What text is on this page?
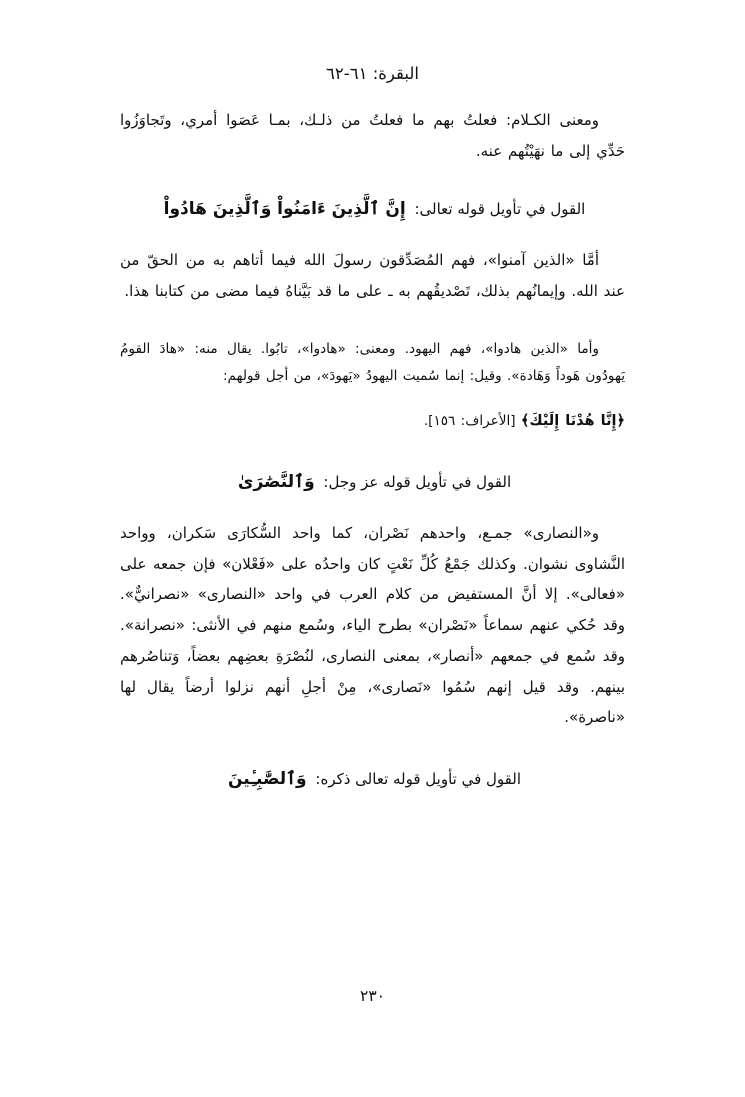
البقرة: ٦١-٦٢

ومعنى الكـلام: فعلتُ بهم ما فعلتُ من ذلـك، بمـا عَصَوا أمري، وتَجاوَزُوا حَدِّي إلى ما نهَيْتُهم عنه.

القول في تأويل قوله تعالى: إِنَّ ٱلَّذِينَ ءَامَنُواْ وَٱلَّذِينَ هَادُواْ

أمَّا «الذين آمنوا»، فهم المُصَدِّقون رسولَ الله فيما أتاهم به من الحقّ من عند الله. وإيمانُهم بذلك، تَصْديقُهم به ـ على ما قد بَيَّناهُ فيما مضى من كتابنا هذا.

وأما «الذين هادوا»، فهم اليهود. ومعنى: «هادوا»، تابُوا. يقال منه: «هادَ القومُ يَهودُون هَوداً وَهَادة». وقيل: إنما سُميت اليهودُ «يَهودَ»، من أجل قولهم:

﴿إِنَّا هُدْنَا إِلَيْكَ﴾ [الأعراف: ١٥٦].

القول في تأويل قوله عز وجل: وَٱلنَّصَٰرَىٰ

و«النصارى» جمـع، واحدهم نَصْران، كما واحد السُّكارَى سَكران، وواحد النَّشاوى نشوان. وكذلك جَمْعُ كُلِّ نَعْتٍ كان واحدُه على «فَعْلان» فإن جمعه على «فعالى». إلا أنَّ المستفيض من كلام العرب في واحد «النصارى» «نصرانيٌّ». وقد حُكي عنهم سماعاً «نَصْران» بطرح الياء، وسُمع منهم في الأنثى: «نصرانة». وقد سُمع في جمعهم «أنصار»، بمعنى النصارى، لنُصْرَةِ بعضِهم بعضاً، وَتناصُرهم بينهم. وقد قيل إنهم سُمُوا «نَصارى»، مِنْ أجلِ أنهم نزلوا أرضاً يقال لها «ناصرة».

القول في تأويل قوله تعالى ذكره: وَٱلصَّٰبِـِٔينَ
٢٣٠
